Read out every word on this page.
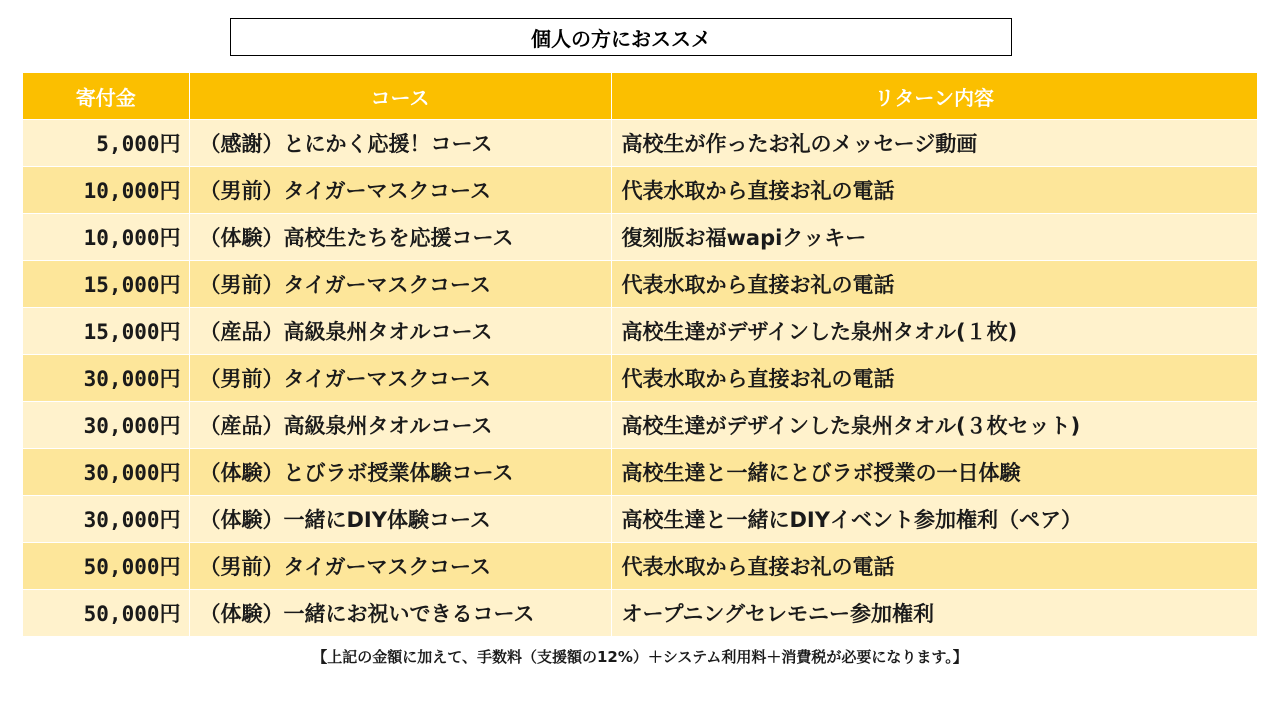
個人の方におススメ
寄付金	コース	リターン内容
5,000円	（感謝）とにかく応援！コース	高校生が作ったお礼のメッセージ動画
10,000円	（男前）タイガーマスクコース	代表水取から直接お礼の電話
10,000円	（体験）高校生たちを応援コース	復刻版お福wapiクッキー
15,000円	（男前）タイガーマスクコース	代表水取から直接お礼の電話
15,000円	（産品）高級泉州タオルコース	高校生達がデザインした泉州タオル(１枚)
30,000円	（男前）タイガーマスクコース	代表水取から直接お礼の電話
30,000円	（産品）高級泉州タオルコース	高校生達がデザインした泉州タオル(３枚セット)
30,000円	（体験）とびラボ授業体験コース	高校生達と一緒にとびラボ授業の一日体験
30,000円	（体験）一緒にDIY体験コース	高校生達と一緒にDIYイベント参加権利（ペア）
50,000円	（男前）タイガーマスクコース	代表水取から直接お礼の電話
50,000円	（体験）一緒にお祝いできるコース	オープニングセレモニー参加権利
【上記の金額に加えて、手数料（支援額の12%）＋システム利用料＋消費税が必要になります。】
